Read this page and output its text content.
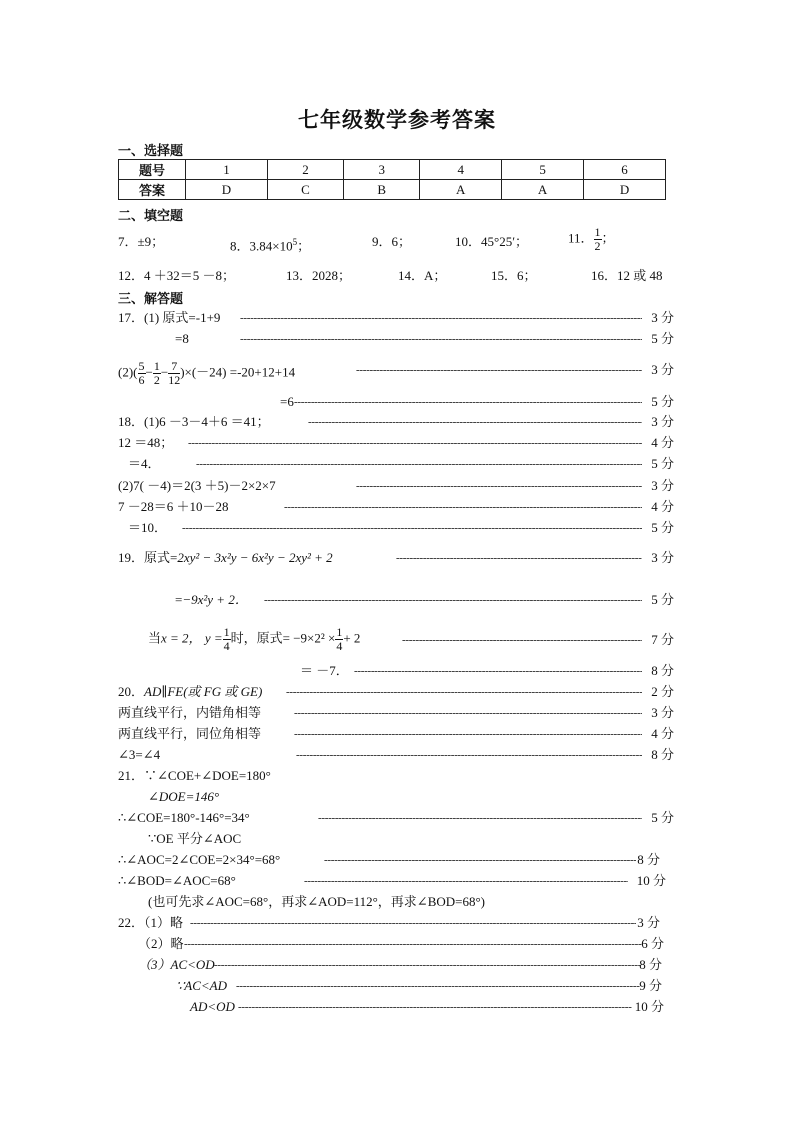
七年级数学参考答案
一、选择题
题号	1	2	3	4	5	6
答案	D	C	B	A	A	D
二、填空题
7．±9；	8．$3.84\times 10^5$；	9．6；	10．45°25′；	11． $\frac{1}{2}$ ；
12．4 ＋32＝5 －8；	13．2028；	14．A；	15．6；	16．12 或 48
三、解答题
17．(1) 原式=-1+9 -----	3 分
=8 -----	5 分
$(2)( \frac{5}{6} - \frac{1}{2} - \frac{7}{12} )\times(-24) =-20+12+14$ -----	3 分
=6 -----	5 分
18．(1)6 －3－4＋6 ＝41； -----	3 分
12 ＝48； -----	4 分
＝4． -----	5 分
(2)7( －4)＝2(3 ＋5)－2×2×7 -----	3 分
7 －28＝6 ＋10－28 -----	4 分
＝10． -----	5 分
19．原式=2xy² − 3x²y − 6x²y − 2xy² + 2 -----	3 分
=−9x²y + 2． -----	5 分
当x = 2， $y = \frac{1}{4}$ 时，原式= $-9\times 2^2 \times \frac{1}{4} + 2$ -----	7 分
＝ －7． -----	8 分
20．AD∥FE(或 FG 或 GE) -----	2 分
两直线平行，内错角相等 -----	3 分
两直线平行，同位角相等 -----	4 分
∠3=∠4 -----	8 分
21．∵∠COE+∠DOE=180°
∠DOE=146°
∴∠COE=180°-146°=34° -----	5 分
∵OE 平分∠AOC
∴∠AOC=2∠COE=2×34°=68° -----	8 分
∴∠BOD=∠AOC=68° -----	10 分
(也可先求∠AOC=68°，再求∠AOD=112°，再求∠BOD=68°)
22．（1）略 -----	3 分
（2）略 -----	6 分
（3）AC<OD -----	8 分
∵AC<AD -----	9 分
AD<OD -----	10 分
